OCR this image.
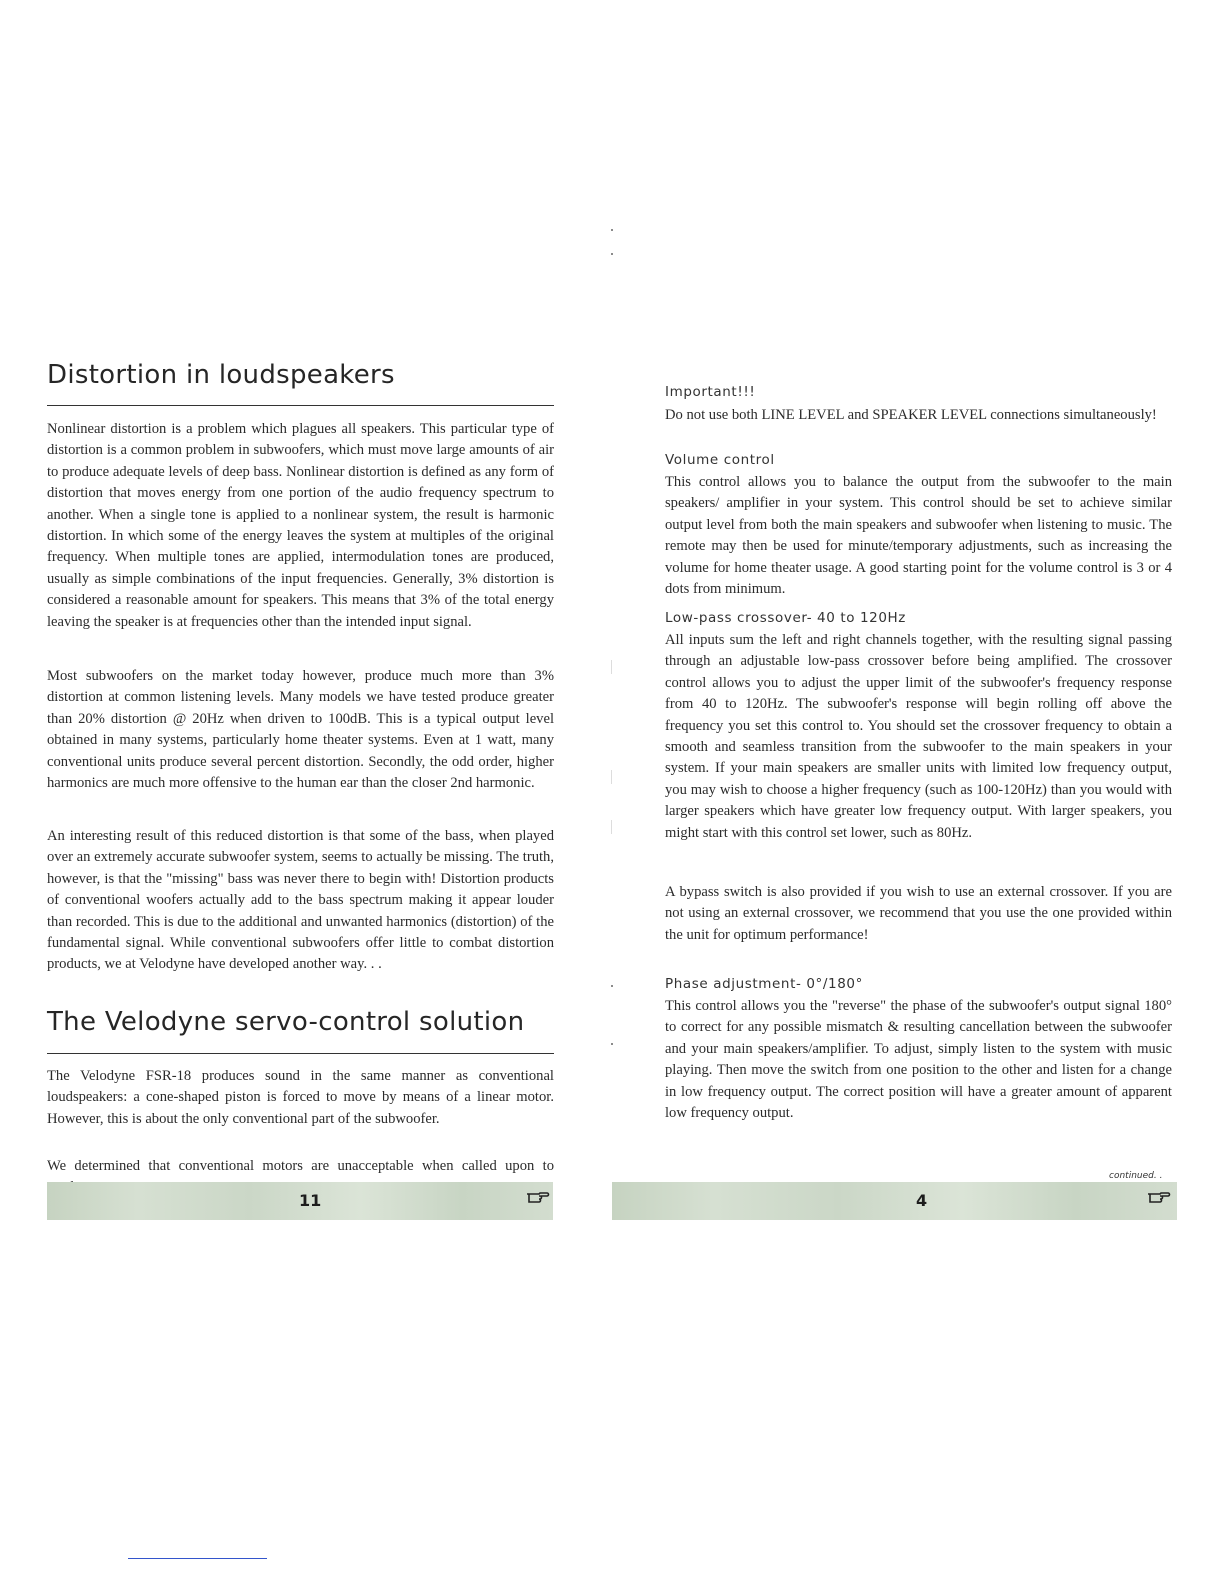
Distortion in loudspeakers

Nonlinear distortion is a problem which plagues all speakers. This particular type of distortion is a common problem in subwoofers, which must move large amounts of air to produce adequate levels of deep bass. Nonlinear distortion is defined as any form of distortion that moves energy from one portion of the audio frequency spectrum to another. When a single tone is applied to a nonlinear system, the result is harmonic distortion. In which some of the energy leaves the system at multiples of the original frequency. When multiple tones are applied, intermodulation tones are produced, usually as simple combinations of the input frequencies. Generally, 3% distortion is considered a reasonable amount for speakers. This means that 3% of the total energy leaving the speaker is at frequencies other than the intended input signal.

Most subwoofers on the market today however, produce much more than 3% distortion at common listening levels. Many models we have tested produce greater than 20% distortion @ 20Hz when driven to 100dB. This is a typical output level obtained in many systems, particularly home theater systems. Even at 1 watt, many conventional units produce several percent distortion. Secondly, the odd order, higher harmonics are much more offensive to the human ear than the closer 2nd harmonic.

An interesting result of this reduced distortion is that some of the bass, when played over an extremely accurate subwoofer system, seems to actually be missing. The truth, however, is that the "missing" bass was never there to begin with! Distortion products of conventional woofers actually add to the bass spectrum making it appear louder than recorded. This is due to the additional and unwanted harmonics (distortion) of the fundamental signal. While conventional subwoofers offer little to combat distortion products, we at Velodyne have developed another way. . .

The Velodyne servo-control solution

The Velodyne FSR-18 produces sound in the same manner as conventional loudspeakers: a cone-shaped piston is forced to move by means of a linear motor. However, this is about the only conventional part of the subwoofer.

We determined that conventional motors are unacceptable when called upon to

11

Important!!!

Do not use both LINE LEVEL and SPEAKER LEVEL connections simultaneously!

Volume control

This control allows you to balance the output from the subwoofer to the main speakers/ amplifier in your system. This control should be set to achieve similar output level from both the main speakers and subwoofer when listening to music. The remote may then be used for minute/temporary adjustments, such as increasing the volume for home theater usage. A good starting point for the volume control is 3 or 4 dots from minimum.

Low-pass crossover- 40 to 120Hz

All inputs sum the left and right channels together, with the resulting signal passing through an adjustable low-pass crossover before being amplified. The crossover control allows you to adjust the upper limit of the subwoofer's frequency response from 40 to 120Hz. The subwoofer's response will begin rolling off above the frequency you set this control to. You should set the crossover frequency to obtain a smooth and seamless transition from the subwoofer to the main speakers in your system. If your main speakers are smaller units with limited low frequency output, you may wish to choose a higher frequency (such as 100-120Hz) than you would with larger speakers which have greater low frequency output. With larger speakers, you might start with this control set lower, such as 80Hz.

A bypass switch is also provided if you wish to use an external crossover. If you are not using an external crossover, we recommend that you use the one provided within the unit for optimum performance!

Phase adjustment- 0°/180°

This control allows you the "reverse" the phase of the subwoofer's output signal 180° to correct for any possible mismatch & resulting cancellation between the subwoofer and your main speakers/amplifier. To adjust, simply listen to the system with music playing. Then move the switch from one position to the other and listen for a change in low frequency output. The correct position will have a greater amount of apparent low frequency output.

continued. .

4
